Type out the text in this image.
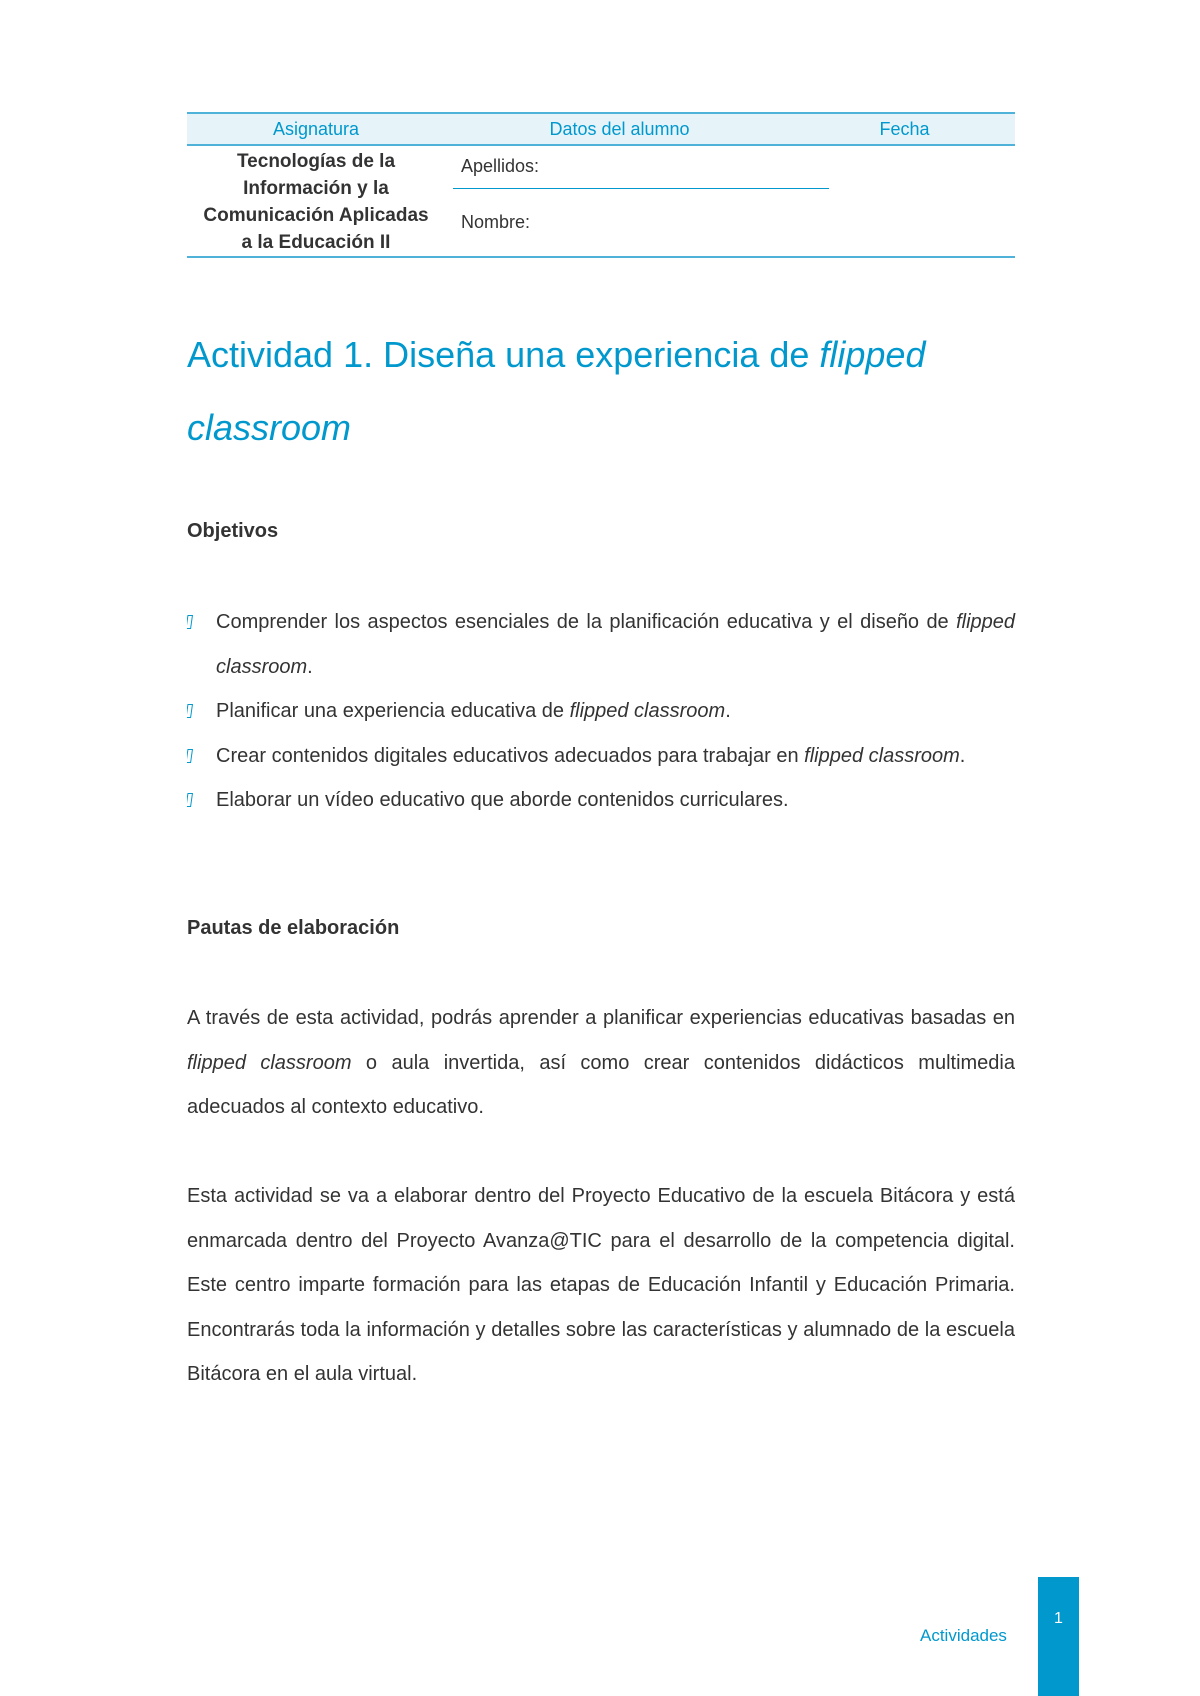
Asignatura	Datos del alumno	Fecha
Tecnologías de la
Información y la
Comunicación Aplicadas
a la Educación II
Apellidos:
Nombre:
Actividad 1. Diseña una experiencia de flipped
classroom
Objetivos
Comprender los aspectos esenciales de la planificación educativa y el diseño de flipped classroom.
Planificar una experiencia educativa de flipped classroom.
Crear contenidos digitales educativos adecuados para trabajar en flipped classroom.
Elaborar un vídeo educativo que aborde contenidos curriculares.
Pautas de elaboración

A través de esta actividad, podrás aprender a planificar experiencias educativas basadas en flipped classroom o aula invertida, así como crear contenidos didácticos multimedia adecuados al contexto educativo.

Esta actividad se va a elaborar dentro del Proyecto Educativo de la escuela Bitácora y está enmarcada dentro del Proyecto Avanza@TIC para el desarrollo de la competencia digital. Este centro imparte formación para las etapas de Educación Infantil y Educación Primaria. Encontrarás toda la información y detalles sobre las características y alumnado de la escuela Bitácora en el aula virtual.

Actividades
1
